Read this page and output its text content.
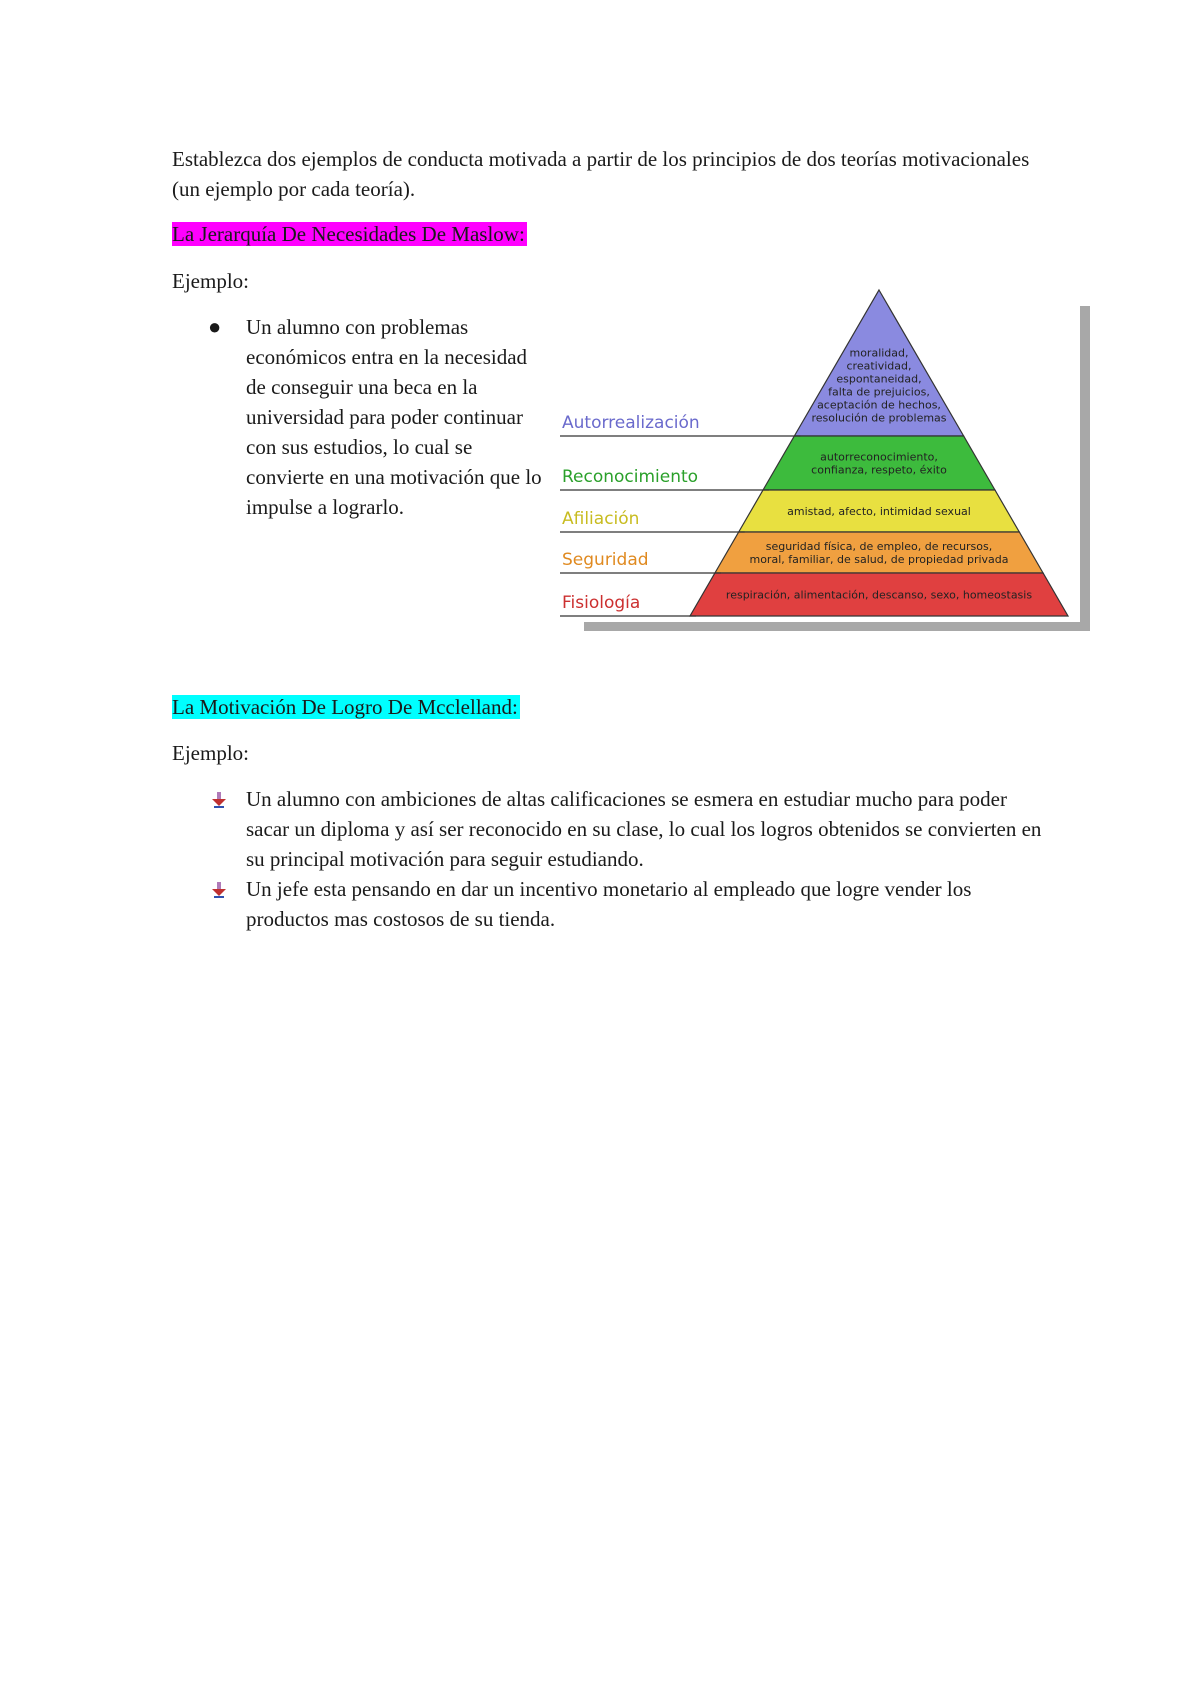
Establezca dos ejemplos de conducta motivada a partir de los principios de dos teorías motivacionales (un ejemplo por cada teoría).

La Jerarquía De Necesidades De Maslow:

Ejemplo:

● Un alumno con problemas económicos entra en la necesidad de conseguir una beca en la universidad para poder continuar con sus estudios, lo cual se convierte en una motivación que lo impulse a lograrlo.
moralidad,
creatividad,
espontaneidad,
falta de prejuicios,
aceptación de hechos,
resolución de problemas
autorreconocimiento,
confianza, respeto, éxito
amistad, afecto, intimidad sexual
seguridad física, de empleo, de recursos,
moral, familiar, de salud, de propiedad privada
respiración, alimentación, descanso, sexo, homeostasis
Autorrealización
Reconocimiento
Afiliación
Seguridad
Fisiología

La Motivación De Logro De Mcclelland:

Ejemplo:

Un alumno con ambiciones de altas calificaciones se esmera en estudiar mucho para poder sacar un diploma y así ser reconocido en su clase, lo cual los logros obtenidos se convierten en su principal motivación para seguir estudiando.
Un jefe esta pensando en dar un incentivo monetario al empleado que logre vender los productos mas costosos de su tienda.
